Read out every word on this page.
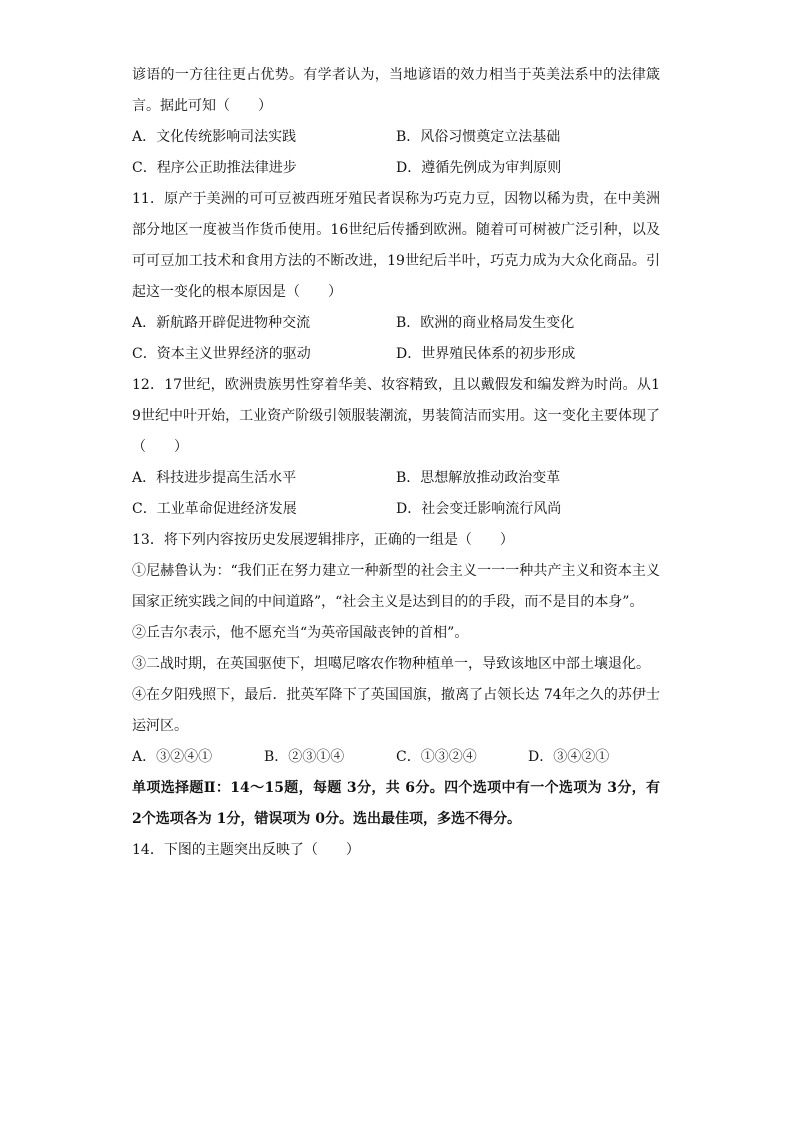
谚语的一方往往更占优势。有学者认为，当地谚语的效力相当于英美法系中的法律箴言。据此可知（　　）

A．文化传统影响司法实践	B．风俗习惯奠定立法基础
C．程序公正助推法律进步	D．遵循先例成为审判原则

11．原产于美洲的可可豆被西班牙殖民者误称为巧克力豆，因物以稀为贵，在中美洲部分地区一度被当作货币使用。16世纪后传播到欧洲。随着可可树被广泛引种，以及可可豆加工技术和食用方法的不断改进，19世纪后半叶，巧克力成为大众化商品。引起这一变化的根本原因是（　　）

A．新航路开辟促进物种交流	B．欧洲的商业格局发生变化
C．资本主义世界经济的驱动	D．世界殖民体系的初步形成

12．17世纪，欧洲贵族男性穿着华美、妆容精致，且以戴假发和编发辫为时尚。从19世纪中叶开始，工业资产阶级引领服装潮流，男装简洁而实用。这一变化主要体现了（　　）

A．科技进步提高生活水平	B．思想解放推动政治变革
C．工业革命促进经济发展	D．社会变迁影响流行风尚

13．将下列内容按历史发展逻辑排序，正确的一组是（　　）

①尼赫鲁认为：“我们正在努力建立一种新型的社会主义一一一种共产主义和资本主义国家正统实践之间的中间道路”，“社会主义是达到目的的手段，而不是目的本身”。

②丘吉尔表示，他不愿充当“为英帝国敲丧钟的首相”。

③二战时期，在英国驱使下，坦噶尼喀农作物种植单一，导致该地区中部土壤退化。

④在夕阳残照下，最后．批英军降下了英国国旗，撤离了占领长达 74年之久的苏伊士运河区。

A．③②④①	B．②③①④	C．①③②④	D．③④②①

单项选择题Ⅱ：14～15题，每题 3分，共 6分。四个选项中有一个选项为 3分，有 2个选项各为 1分，错误项为 0分。选出最佳项，多选不得分。

14．下图的主题突出反映了（　　）
